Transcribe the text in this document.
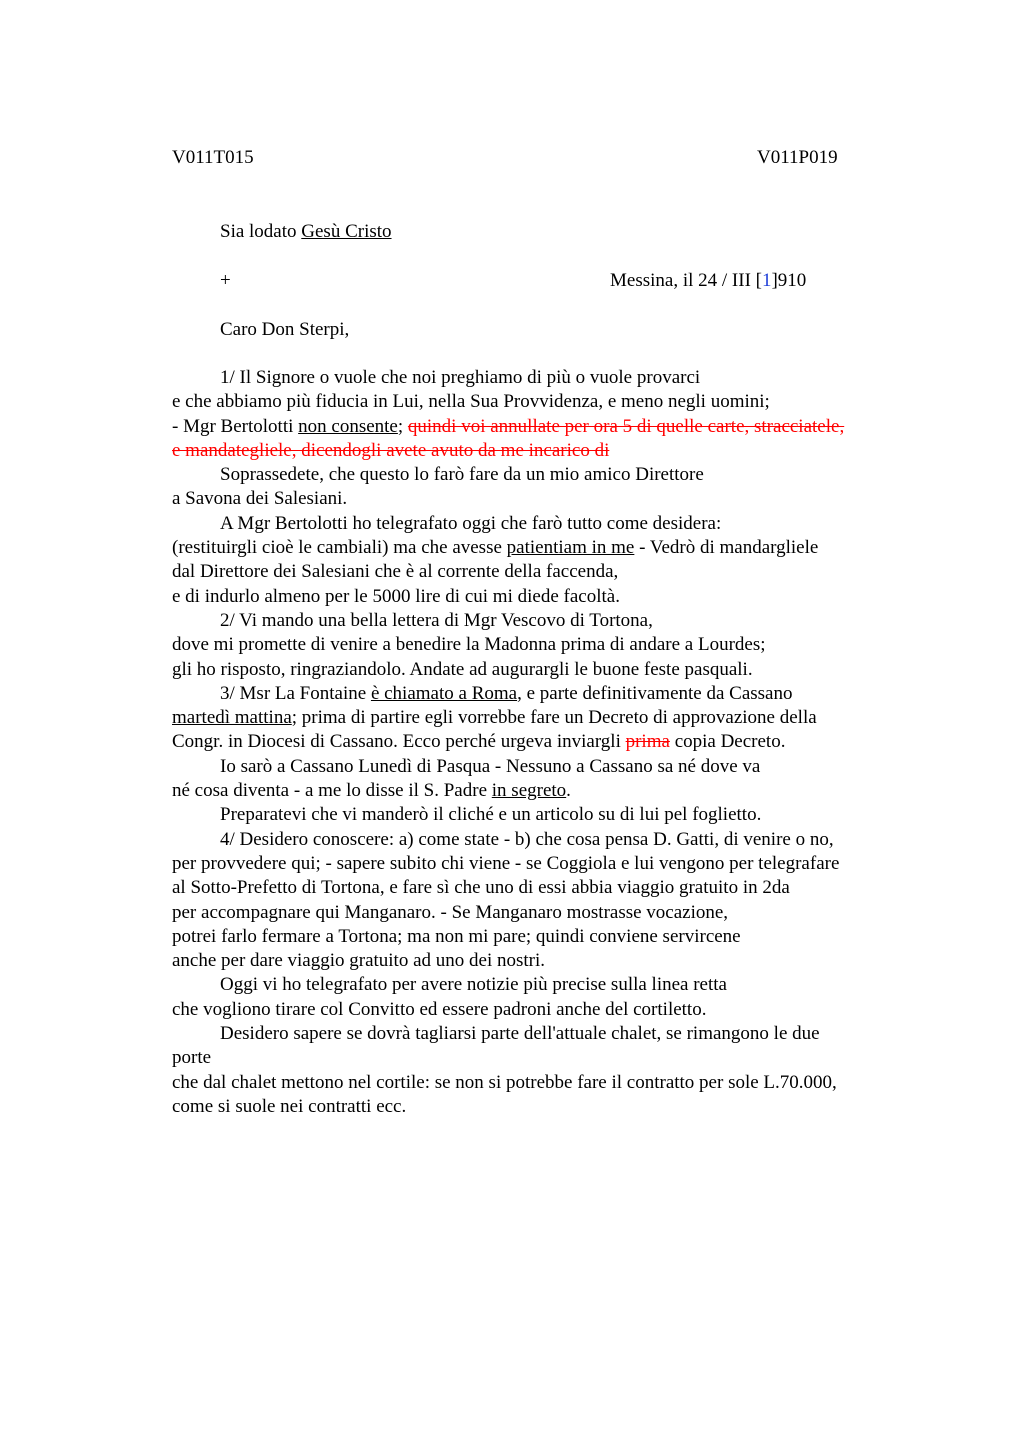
V011T015	V011P019
Sia lodato Gesù Cristo
+	Messina, il 24 / III [1]910
Caro Don Sterpi,
1/ Il Signore o vuole che noi preghiamo di più o vuole provarci
e che abbiamo più fiducia in Lui, nella Sua Provvidenza, e meno negli uomini;
- Mgr Bertolotti non consente; quindi voi annullate per ora 5 di quelle carte, stracciatele,
e mandategliele, dicendogli avete avuto da me incarico di
Soprassedete, che questo lo farò fare da un mio amico Direttore
a Savona dei Salesiani.
A Mgr Bertolotti ho telegrafato oggi che farò tutto come desidera:
(restituirgli cioè le cambiali) ma che avesse patientiam in me - Vedrò di mandargliele
dal Direttore dei Salesiani che è al corrente della faccenda,
e di indurlo almeno per le 5000 lire di cui mi diede facoltà.
2/ Vi mando una bella lettera di Mgr Vescovo di Tortona,
dove mi promette di venire a benedire la Madonna prima di andare a Lourdes;
gli ho risposto, ringraziandolo. Andate ad augurargli le buone feste pasquali.
3/ Msr La Fontaine è chiamato a Roma, e parte definitivamente da Cassano
martedì mattina; prima di partire egli vorrebbe fare un Decreto di approvazione della
Congr. in Diocesi di Cassano. Ecco perché urgeva inviargli prima copia Decreto.
Io sarò a Cassano Lunedì di Pasqua - Nessuno a Cassano sa né dove va
né cosa diventa - a me lo disse il S. Padre in segreto.
Preparatevi che vi manderò il cliché e un articolo su di lui pel foglietto.
4/ Desidero conoscere: a) come state - b) che cosa pensa D. Gatti, di venire o no,
per provvedere qui; - sapere subito chi viene - se Coggiola e lui vengono per telegrafare
al Sotto-Prefetto di Tortona, e fare sì che uno di essi abbia viaggio gratuito in 2da
per accompagnare qui Manganaro. - Se Manganaro mostrasse vocazione,
potrei farlo fermare a Tortona; ma non mi pare; quindi conviene servircene
anche per dare viaggio gratuito ad uno dei nostri.
Oggi vi ho telegrafato per avere notizie più precise sulla linea retta
che vogliono tirare col Convitto ed essere padroni anche del cortiletto.
Desidero sapere se dovrà tagliarsi parte dell'attuale chalet, se rimangono le due
porte
che dal chalet mettono nel cortile: se non si potrebbe fare il contratto per sole L.70.000,
come si suole nei contratti ecc.
